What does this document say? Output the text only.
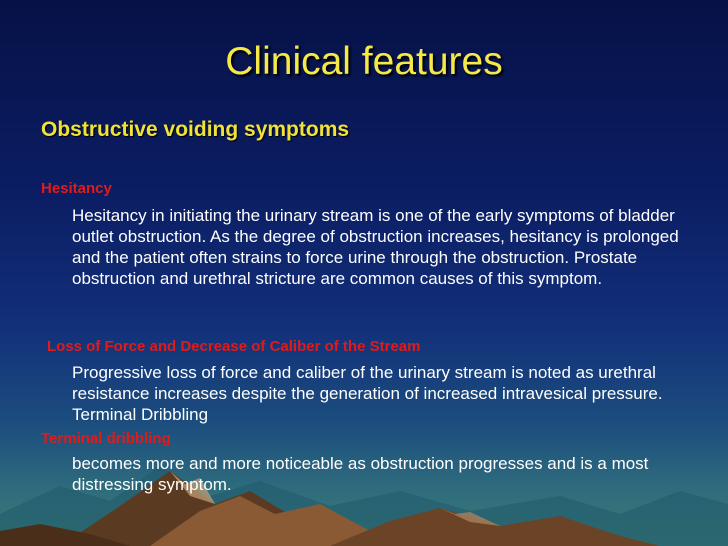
Clinical features
Obstructive voiding symptoms
Hesitancy
Hesitancy in initiating the urinary stream is one of the early symptoms of bladder outlet obstruction. As the degree of obstruction increases, hesitancy is prolonged and the patient often strains to force urine through the obstruction. Prostate obstruction and urethral stricture are common causes of this symptom.
Loss of Force and Decrease of Caliber of the Stream
Progressive loss of force and caliber of the urinary stream is noted as urethral resistance increases despite the generation of increased intravesical pressure. Terminal Dribbling
Terminal dribbling
becomes more and more noticeable as obstruction progresses and is a most distressing symptom.
